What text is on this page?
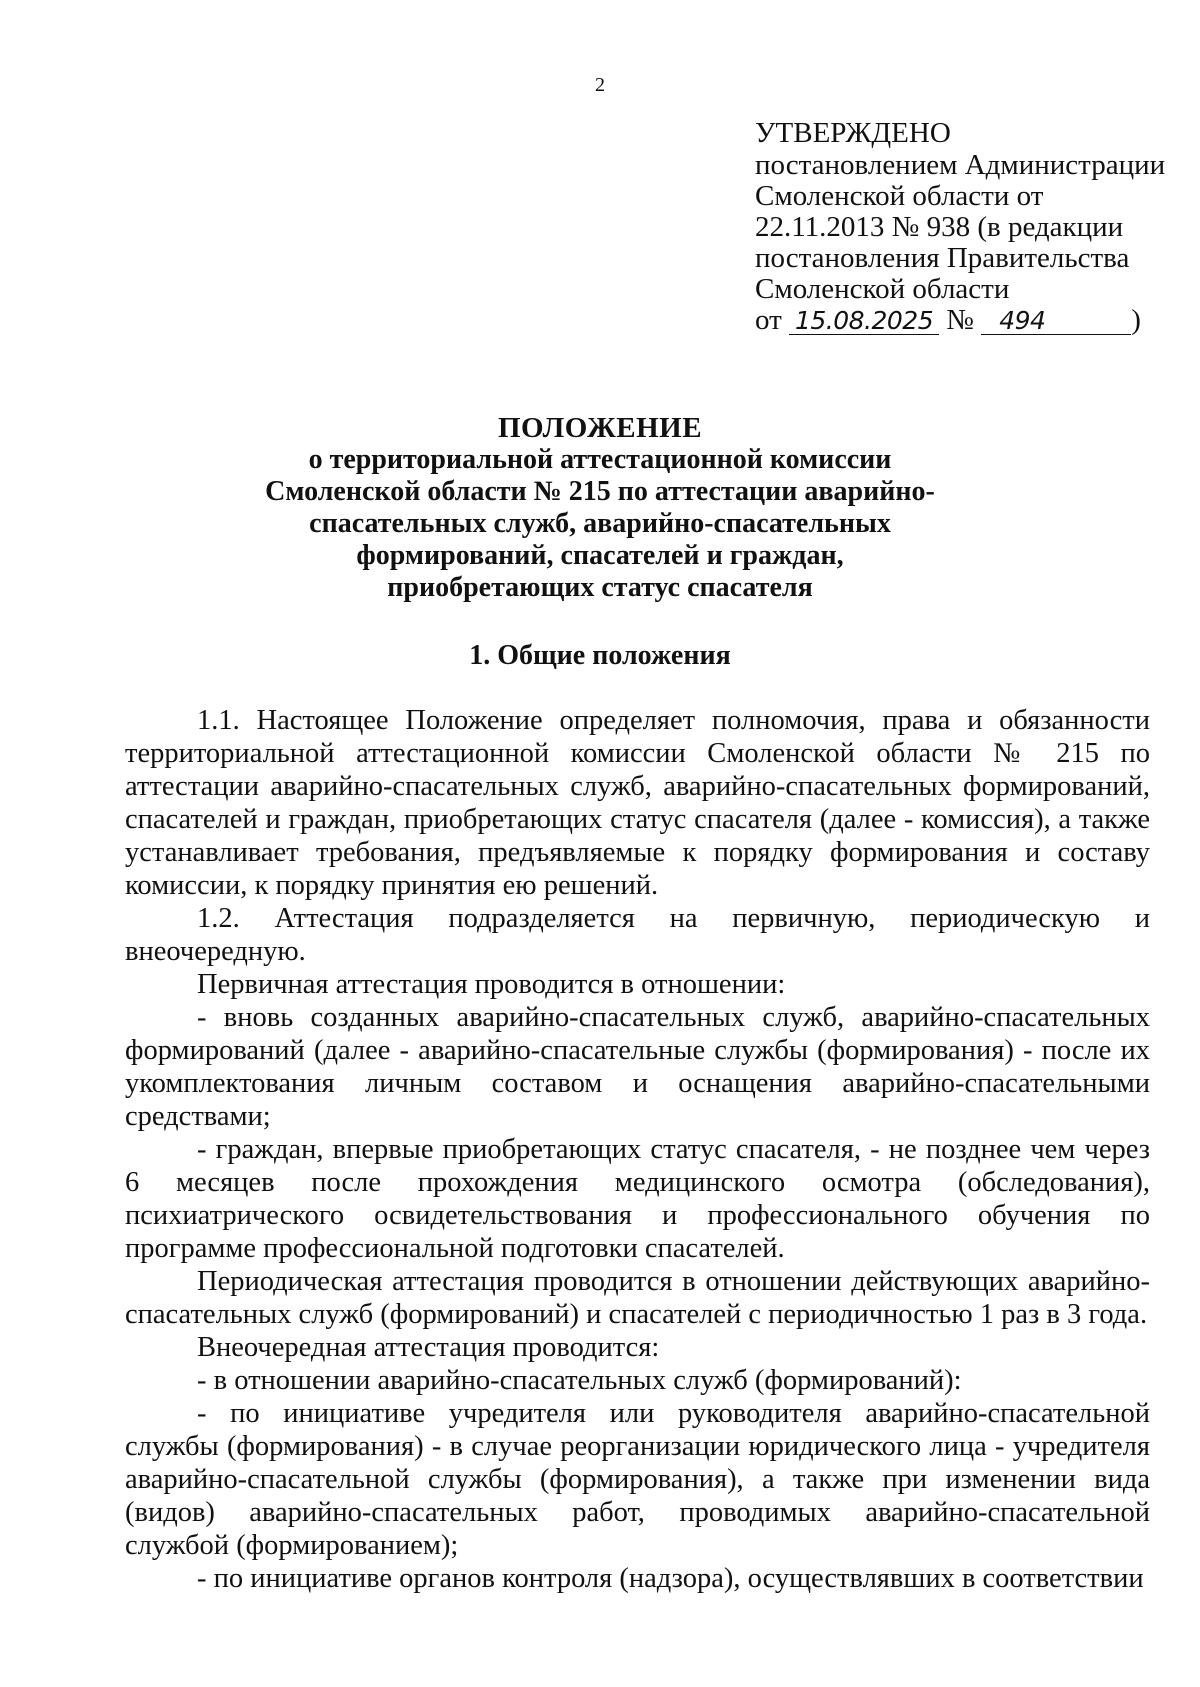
2
УТВЕРЖДЕНО
постановлением Администрации
Смоленской области от
22.11.2013 № 938 (в редакции
постановления Правительства
Смоленской области
от 15.08.2025 № 494	)
ПОЛОЖЕНИЕ
о территориальной аттестационной комиссии
Смоленской области № 215 по аттестации аварийно-
спасательных служб, аварийно-спасательных
формирований, спасателей и граждан,
приобретающих статус спасателя
1. Общие положения

1.1. Настоящее Положение определяет полномочия, права и обязанности территориальной аттестационной комиссии Смоленской области № 215 по аттестации аварийно-спасательных служб, аварийно-спасательных формирований, спасателей и граждан, приобретающих статус спасателя (далее - комиссия), а также устанавливает требования, предъявляемые к порядку формирования и составу комиссии, к порядку принятия ею решений.

1.2. Аттестация подразделяется на первичную, периодическую и внеочередную.

Первичная аттестация проводится в отношении:

- вновь созданных аварийно-спасательных служб, аварийно-спасательных формирований (далее - аварийно-спасательные службы (формирования) - после их укомплектования личным составом и оснащения аварийно-спасательными средствами;

- граждан, впервые приобретающих статус спасателя, - не позднее чем через 6 месяцев после прохождения медицинского осмотра (обследования), психиатрического освидетельствования и профессионального обучения по программе профессиональной подготовки спасателей.

Периодическая аттестация проводится в отношении действующих аварийно-спасательных служб (формирований) и спасателей с периодичностью 1 раз в 3 года.

Внеочередная аттестация проводится:

- в отношении аварийно-спасательных служб (формирований):

- по инициативе учредителя или руководителя аварийно-спасательной службы (формирования) - в случае реорганизации юридического лица - учредителя аварийно-спасательной службы (формирования), а также при изменении вида (видов) аварийно-спасательных работ, проводимых аварийно-спасательной службой (формированием);

- по инициативе органов контроля (надзора), осуществлявших в соответствии
